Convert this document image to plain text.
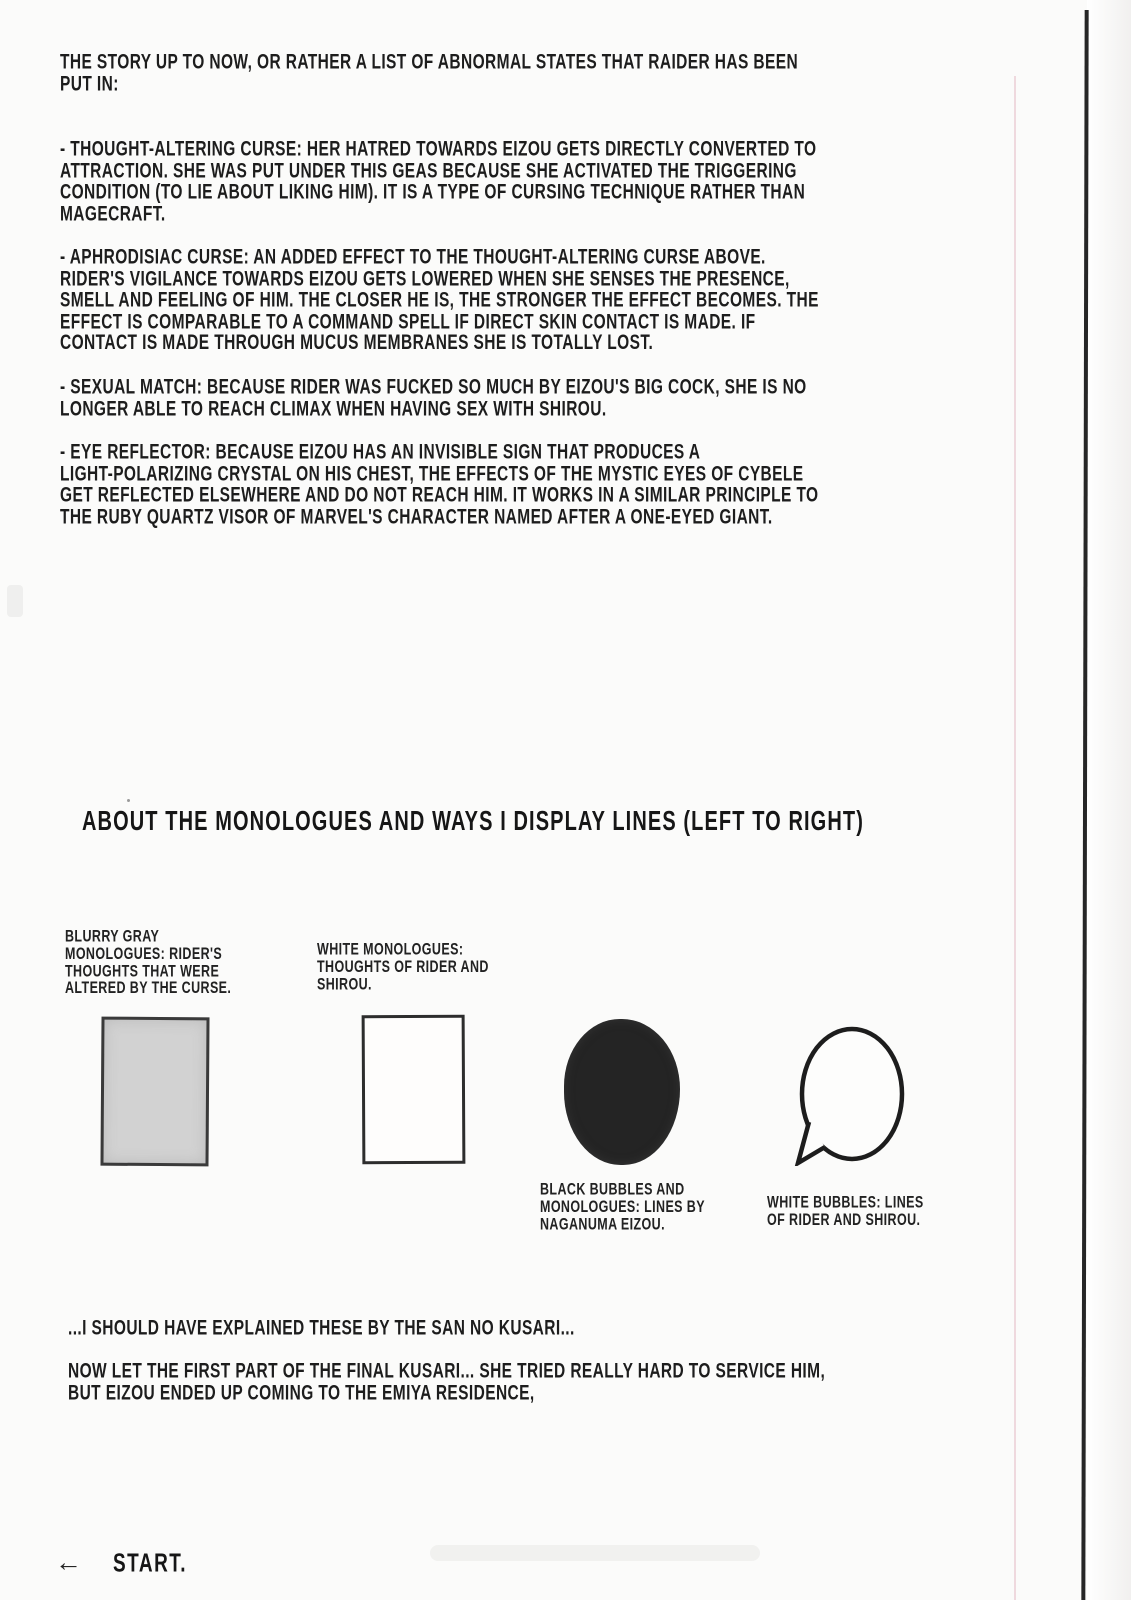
THE STORY UP TO NOW, OR RATHER A LIST OF ABNORMAL STATES THAT RAIDER HAS BEEN
PUT IN:
- THOUGHT-ALTERING CURSE: HER HATRED TOWARDS EIZOU GETS DIRECTLY CONVERTED TO
ATTRACTION. SHE WAS PUT UNDER THIS GEAS BECAUSE SHE ACTIVATED THE TRIGGERING
CONDITION (TO LIE ABOUT LIKING HIM). IT IS A TYPE OF CURSING TECHNIQUE RATHER THAN
MAGECRAFT.
- APHRODISIAC CURSE: AN ADDED EFFECT TO THE THOUGHT-ALTERING CURSE ABOVE.
RIDER'S VIGILANCE TOWARDS EIZOU GETS LOWERED WHEN SHE SENSES THE PRESENCE,
SMELL AND FEELING OF HIM. THE CLOSER HE IS, THE STRONGER THE EFFECT BECOMES. THE
EFFECT IS COMPARABLE TO A COMMAND SPELL IF DIRECT SKIN CONTACT IS MADE. IF
CONTACT IS MADE THROUGH MUCUS MEMBRANES SHE IS TOTALLY LOST.
- SEXUAL MATCH: BECAUSE RIDER WAS FUCKED SO MUCH BY EIZOU'S BIG COCK, SHE IS NO
LONGER ABLE TO REACH CLIMAX WHEN HAVING SEX WITH SHIROU.
- EYE REFLECTOR: BECAUSE EIZOU HAS AN INVISIBLE SIGN THAT PRODUCES A
LIGHT-POLARIZING CRYSTAL ON HIS CHEST, THE EFFECTS OF THE MYSTIC EYES OF CYBELE
GET REFLECTED ELSEWHERE AND DO NOT REACH HIM. IT WORKS IN A SIMILAR PRINCIPLE TO
THE RUBY QUARTZ VISOR OF MARVEL'S CHARACTER NAMED AFTER A ONE-EYED GIANT.
ABOUT THE MONOLOGUES AND WAYS I DISPLAY LINES (LEFT TO RIGHT)
BLURRY GRAY
MONOLOGUES: RIDER'S
THOUGHTS THAT WERE
ALTERED BY THE CURSE.
WHITE MONOLOGUES:
THOUGHTS OF RIDER AND
SHIROU.
BLACK BUBBLES AND
MONOLOGUES: LINES BY
NAGANUMA EIZOU.
WHITE BUBBLES: LINES
OF RIDER AND SHIROU.
...I SHOULD HAVE EXPLAINED THESE BY THE SAN NO KUSARI...
NOW LET THE FIRST PART OF THE FINAL KUSARI... SHE TRIED REALLY HARD TO SERVICE HIM,
BUT EIZOU ENDED UP COMING TO THE EMIYA RESIDENCE,
← START.
